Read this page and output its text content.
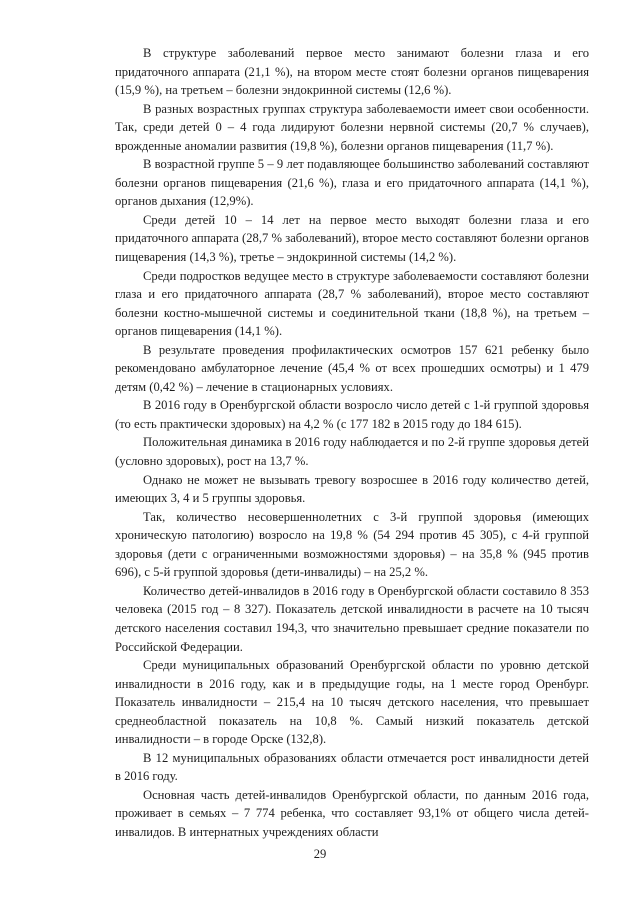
В структуре заболеваний первое место занимают болезни глаза и его придаточного аппарата (21,1 %), на втором месте стоят болезни органов пищеварения (15,9 %), на третьем – болезни эндокринной системы (12,6 %).

В разных возрастных группах структура заболеваемости имеет свои особенности. Так, среди детей 0 – 4 года лидируют болезни нервной системы (20,7 % случаев), врожденные аномалии развития (19,8 %), болезни органов пищеварения (11,7 %).

В возрастной группе 5 – 9 лет подавляющее большинство заболеваний составляют болезни органов пищеварения (21,6 %), глаза и его придаточного аппарата (14,1 %), органов дыхания (12,9%).

Среди детей 10 – 14 лет на первое место выходят болезни глаза и его придаточного аппарата (28,7 % заболеваний), второе место составляют болезни органов пищеварения (14,3 %), третье – эндокринной системы (14,2 %).

Среди подростков ведущее место в структуре заболеваемости составляют болезни глаза и его придаточного аппарата (28,7 % заболеваний), второе место составляют болезни костно-мышечной системы и соединительной ткани (18,8 %), на третьем – органов пищеварения (14,1 %).

В результате проведения профилактических осмотров 157 621 ребенку было рекомендовано амбулаторное лечение (45,4 % от всех прошедших осмотры) и 1 479 детям (0,42 %) – лечение в стационарных условиях.

В 2016 году в Оренбургской области возросло число детей с 1-й группой здоровья (то есть практически здоровых) на 4,2 % (с 177 182 в 2015 году до 184 615).

Положительная динамика в 2016 году наблюдается и по 2-й группе здоровья детей (условно здоровых), рост на 13,7 %.

Однако не может не вызывать тревогу возросшее в 2016 году количество детей, имеющих 3, 4 и 5 группы здоровья.

Так, количество несовершеннолетних с 3-й группой здоровья (имеющих хроническую патологию) возросло на 19,8 % (54 294 против 45 305), с 4-й группой здоровья (дети с ограниченными возможностями здоровья) – на 35,8 % (945 против 696), с 5-й группой здоровья (дети-инвалиды) – на 25,2 %.

Количество детей-инвалидов в 2016 году в Оренбургской области составило 8 353 человека (2015 год – 8 327). Показатель детской инвалидности в расчете на 10 тысяч детского населения составил 194,3, что значительно превышает средние показатели по Российской Федерации.

Среди муниципальных образований Оренбургской области по уровню детской инвалидности в 2016 году, как и в предыдущие годы, на 1 месте город Оренбург. Показатель инвалидности – 215,4 на 10 тысяч детского населения, что превышает среднеобластной показатель на 10,8 %. Самый низкий показатель детской инвалидности – в городе Орске (132,8).

В 12 муниципальных образованиях области отмечается рост инвалидности детей в 2016 году.

Основная часть детей-инвалидов Оренбургской области, по данным 2016 года, проживает в семьях – 7 774 ребенка, что составляет 93,1% от общего числа детей-инвалидов. В интернатных учреждениях области

29
